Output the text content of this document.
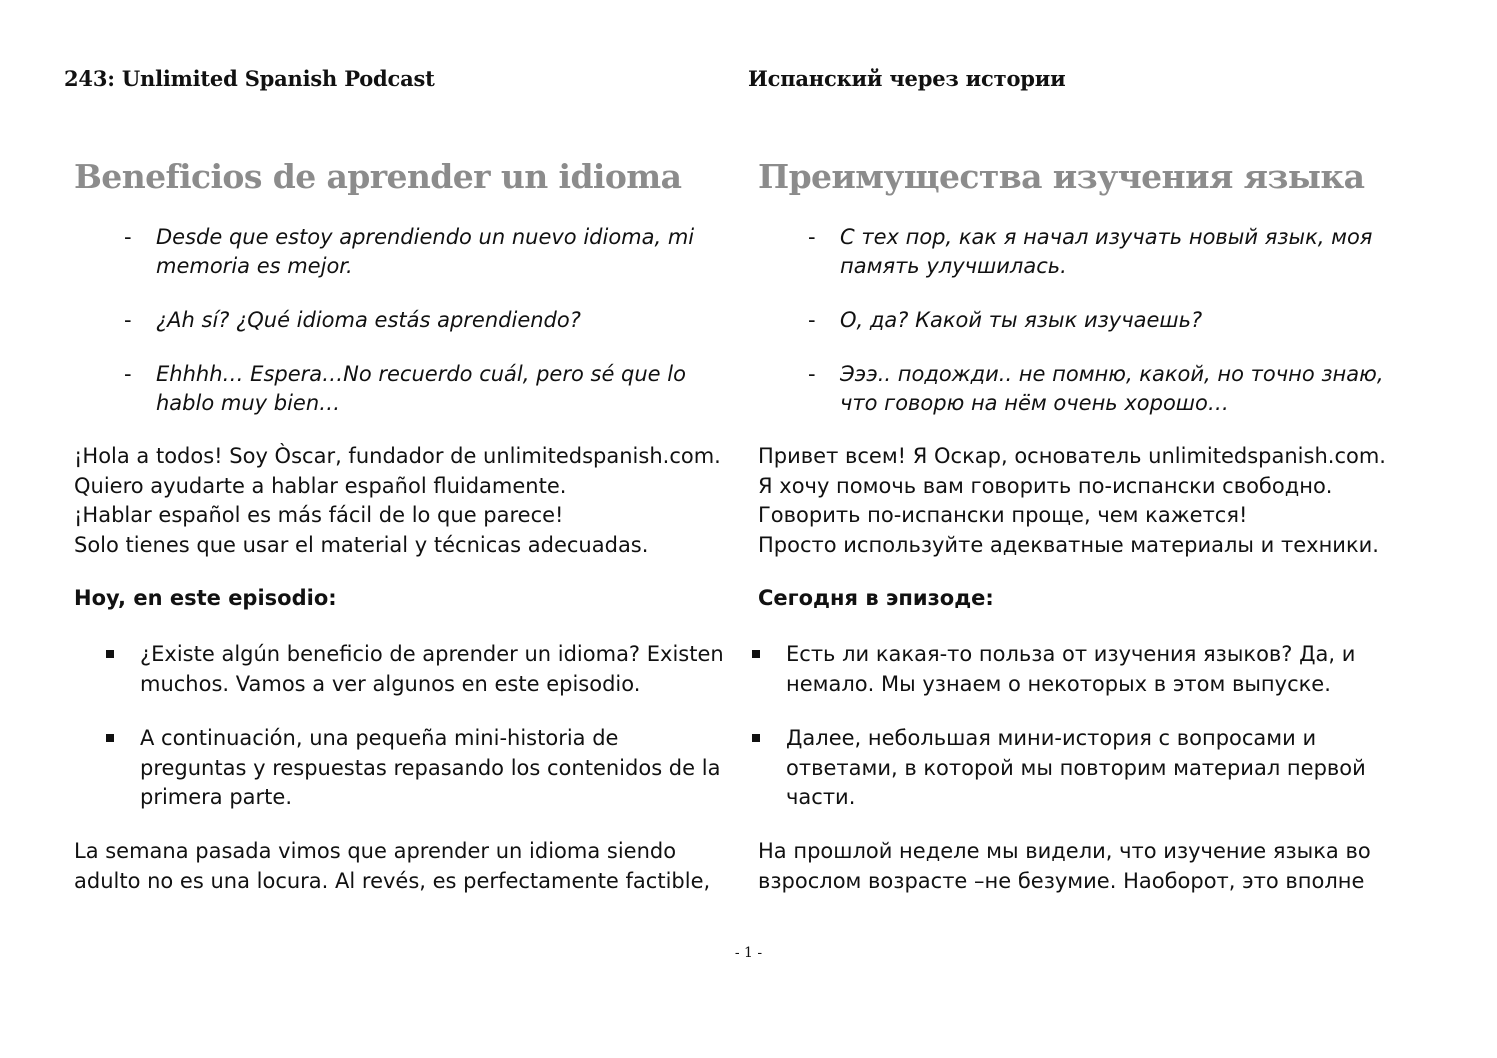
243: Unlimited Spanish Podcast
Beneficios de aprender un idioma
- Desde que estoy aprendiendo un nuevo idioma, mi
memoria es mejor.
- ¿Ah sí? ¿Qué idioma estás aprendiendo?
- Ehhhh… Espera…No recuerdo cuál, pero sé que lo
hablo muy bien…
¡Hola a todos! Soy Òscar, fundador de unlimitedspanish.com.
Quiero ayudarte a hablar español fluidamente.
¡Hablar español es más fácil de lo que parece!
Solo tienes que usar el material y técnicas adecuadas.
Hoy, en este episodio:
¿Existe algún beneficio de aprender un idioma? Existen
muchos. Vamos a ver algunos en este episodio.
A continuación, una pequeña mini-historia de
preguntas y respuestas repasando los contenidos de la
primera parte.
La semana pasada vimos que aprender un idioma siendo
adulto no es una locura. Al revés, es perfectamente factible,
Испанский через истории
Преимущества изучения языка
- С тех пор, как я начал изучать новый язык, моя
память улучшилась.
- О, да? Какой ты язык изучаешь?
- Эээ.. подожди.. не помню, какой, но точно знаю,
что говорю на нём очень хорошо…
Привет всем! Я Оскар, основатель unlimitedspanish.com.
Я хочу помочь вам говорить по-испански свободно.
Говорить по-испански проще, чем кажется!
Просто используйте адекватные материалы и техники.
Сегодня в эпизоде:
Есть ли какая-то польза от изучения языков? Да, и
немало. Мы узнаем о некоторых в этом выпуске.
Далее, небольшая мини-история с вопросами и
ответами, в которой мы повторим материал первой
части.
На прошлой неделе мы видели, что изучение языка во
взрослом возрасте –не безумие. Наоборот, это вполне
- 1 -
